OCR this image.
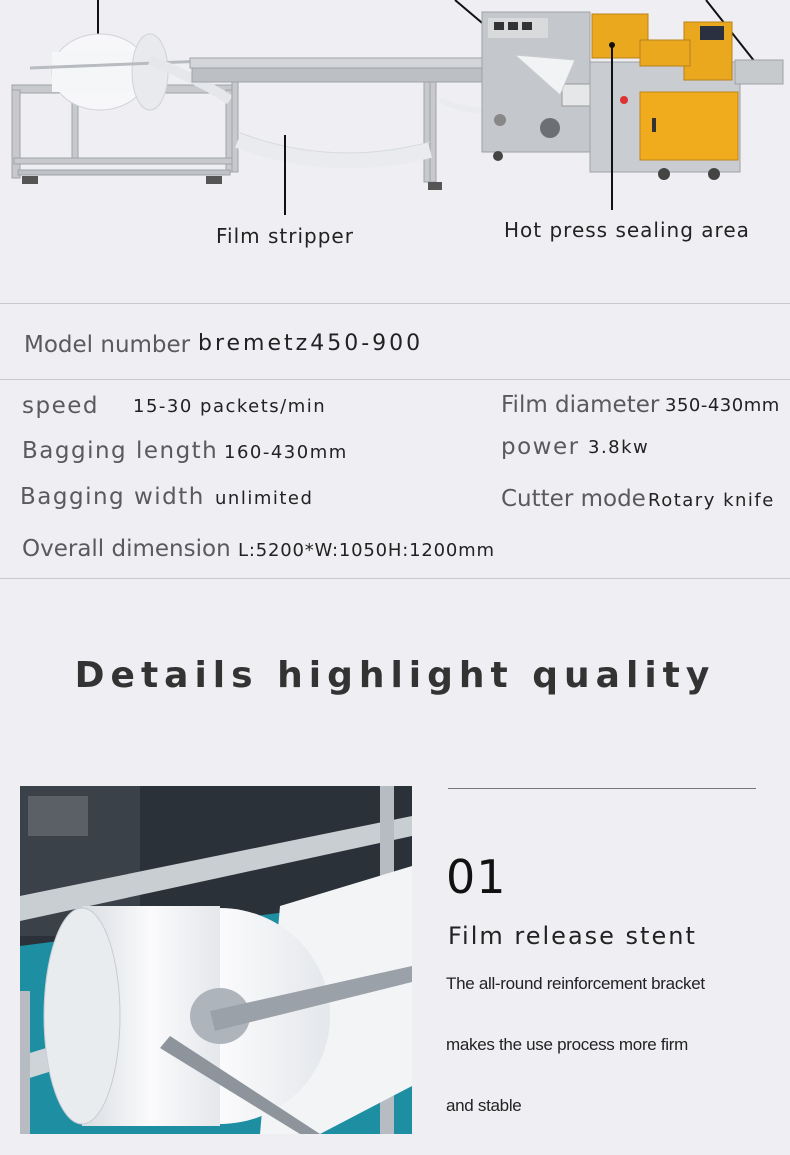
Film stripper	Hot press sealing area
Model number bremetz450-900
speed 15-30 packets/min	Film diameter 350-430mm
Bagging length 160-430mm	power 3.8kw
Bagging width unlimited	Cutter mode Rotary knife
Overall dimension L:5200*W:1050H:1200mm
Details highlight quality
01
Film release stent
The all-round reinforcement bracket
makes the use process more firm
and stable
